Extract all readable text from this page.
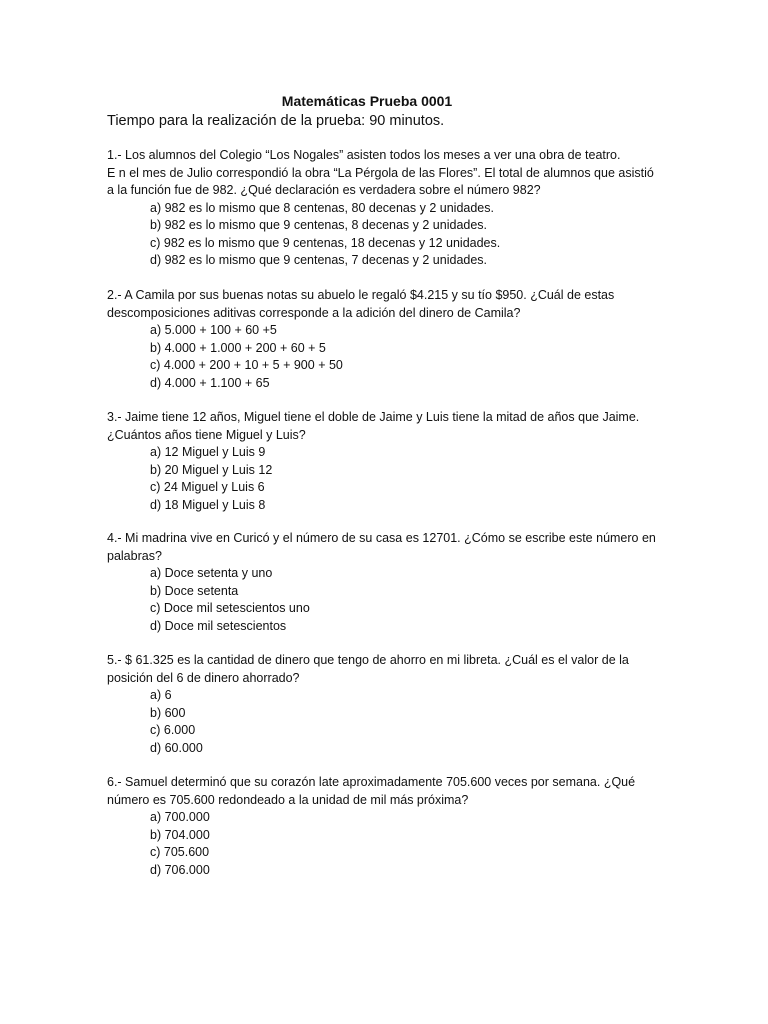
Matemáticas Prueba 0001
Tiempo para la realización de la prueba: 90 minutos.

1.- Los alumnos del Colegio “Los Nogales” asisten todos los meses a ver una obra de teatro.
E n el mes de Julio correspondió la obra “La Pérgola de las Flores”. El total de alumnos que asistió
a la función fue de 982. ¿Qué declaración es verdadera sobre el número 982?

a) 982 es lo mismo que 8 centenas, 80 decenas y 2 unidades.
b) 982 es lo mismo que 9 centenas, 8 decenas y 2 unidades.
c) 982 es lo mismo que 9 centenas, 18 decenas y 12 unidades.
d) 982 es lo mismo que 9 centenas, 7 decenas y 2 unidades.

2.- A Camila por sus buenas notas su abuelo le regaló $4.215 y su tío $950. ¿Cuál de estas
descomposiciones aditivas corresponde a la adición del dinero de Camila?

a) 5.000 + 100 + 60 +5
b) 4.000 + 1.000 + 200 + 60 + 5
c) 4.000 + 200 + 10 + 5 + 900 + 50
d) 4.000 + 1.100 + 65

3.- Jaime tiene 12 años, Miguel tiene el doble de Jaime y Luis tiene la mitad de años que Jaime.
¿Cuántos años tiene Miguel y Luis?

a) 12 Miguel y Luis 9
b) 20 Miguel y Luis 12
c) 24 Miguel y Luis 6
d) 18 Miguel y Luis 8

4.- Mi madrina vive en Curicó y el número de su casa es 12701. ¿Cómo se escribe este número en
palabras?

a) Doce setenta y uno
b) Doce setenta
c) Doce mil setescientos uno
d) Doce mil setescientos

5.- $ 61.325 es la cantidad de dinero que tengo de ahorro en mi libreta. ¿Cuál es el valor de la
posición del 6 de dinero ahorrado?

a) 6
b) 600
c) 6.000
d) 60.000

6.- Samuel determinó que su corazón late aproximadamente 705.600 veces por semana. ¿Qué
número es 705.600 redondeado a la unidad de mil más próxima?

a) 700.000
b) 704.000
c) 705.600
d) 706.000
